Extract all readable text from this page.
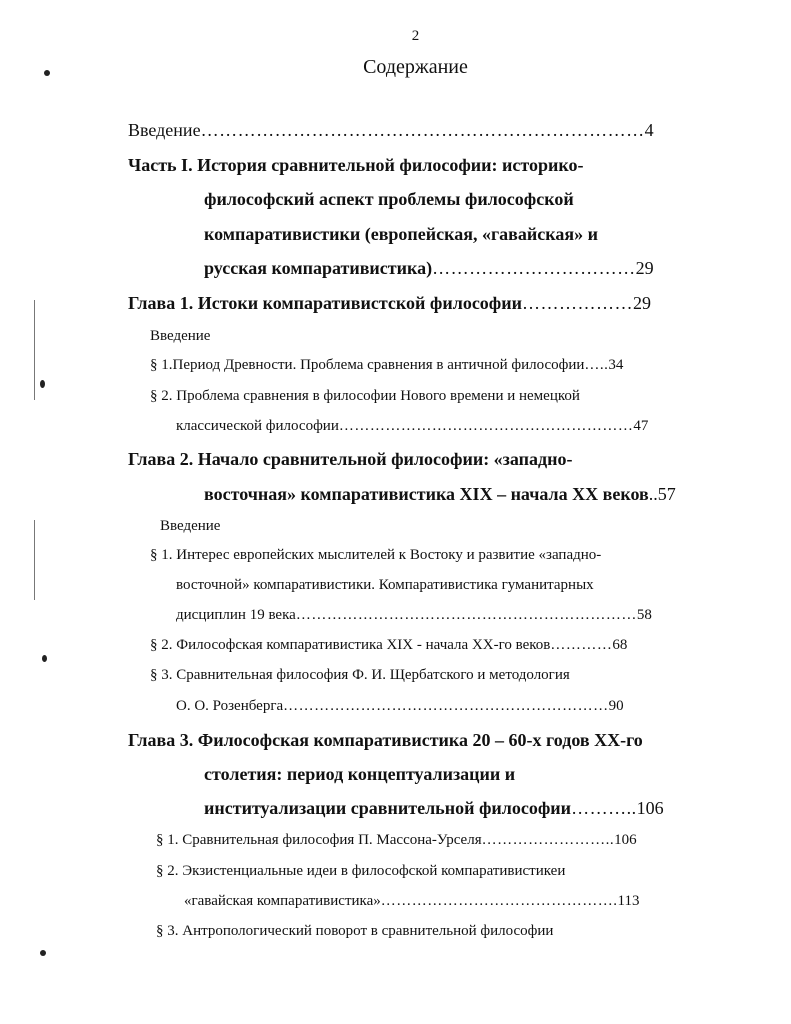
2
Содержание
Введение………………………………………………………………4
Часть I. История сравнительной философии: историко-
философский аспект проблемы философской
компаративистики (европейская, «гавайская» и
русская компаративистика)……………………………29
Глава 1. Истоки компаративистской философии………………29
Введение
§ 1.Период Древности. Проблема сравнения в античной философии…..34
§ 2. Проблема сравнения в философии Нового времени и немецкой
классической философии…………………………………………………47
Глава 2. Начало сравнительной философии: «западно-
восточная» компаративистика XIX – начала XX веков..57
Введение
§ 1. Интерес европейских мыслителей к Востоку и развитие «западно-
восточной» компаративистики. Компаративистика гуманитарных
дисциплин 19 века…………………………………………………………58
§ 2. Философская компаративистика XIX - начала XX-го веков…………68
§ 3. Сравнительная философия Ф. И. Щербатского и методология
О. О. Розенберга………………………………………………………90
Глава 3. Философская компаративистика 20 – 60-х годов XX-го
столетия: период концептуализации и
институализации сравнительной философии………..106
§ 1. Сравнительная философия П. Массона-Урселя……………………..106
§ 2. Экзистенциальные идеи в философской компаративистикеи
«гавайская компаративистика»……………………………………….113
§ 3. Антропологический поворот в сравнительной философии
